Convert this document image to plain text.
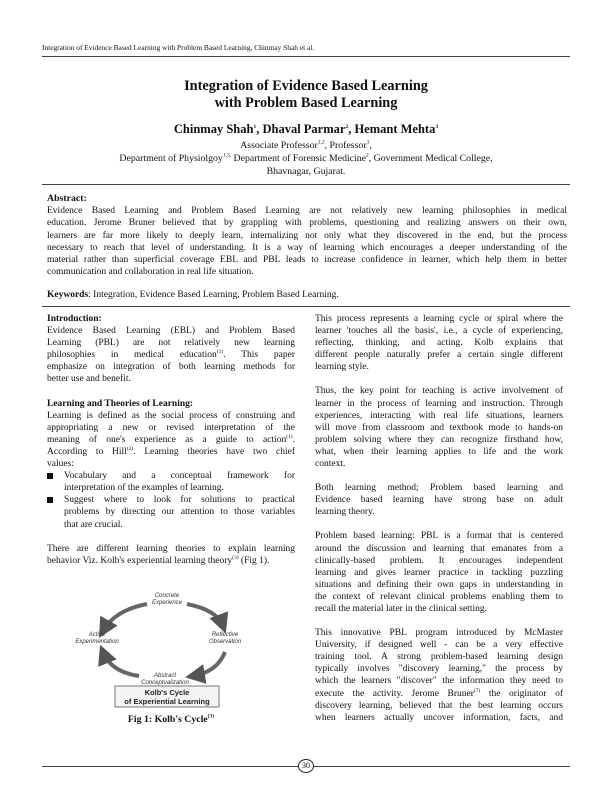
Integration of Evidence Based Learning with Problem Based Learning, Chinmay Shah et al.
Integration of Evidence Based Learning
with Problem Based Learning
Chinmay Shah$^1$, Dhaval Parmar$^2$, Hemant Mehta$^3$
Associate Professor$^{1,2}$, Professor$^3$,
Department of Physiolgoy$^{1,3,}$ Department of Forensic Medicine$^2$, Government Medical College,
Bhavnagar, Gujarat.
Abstract:
Evidence Based Learning and Problem Based Learning are not relatively new learning philosophies in medical
education. Jerome Bruner believed that by grappling with problems, questioning and realizing answers on their own,
learners are far more likely to deeply learn, internalizing not only what they discovered in the end, but the process
necessary to reach that level of understanding. It is a way of learning which encourages a deeper understanding of the
material rather than superficial coverage EBL and PBL leads to increase confidence in learner, which help them in better
communication and collaboration in real life situation.
Keywords: Integration, Evidence Based Learning, Problem Based Learning.
Introduction:
Evidence Based Learning (EBL) and Problem Based
Learning (PBL) are not relatively new learning
philosophies in medical education$^{(1)}$. This paper
emphasize on integration of both learning methods for
better use and benefit.
Learning and Theories of Learning:
Learning is defined as the social process of construing and
appropriating a new or revised interpretation of the
meaning of one's experience as a guide to action$^{(1)}$.
According to Hill$^{(2)}$. Learning theories have two chief
values:
Vocabulary and a conceptual framework for
interpretation of the examples of learning.
Suggest where to look for solutions to practical
problems by directing our attention to those variables
that are crucial.
There are different learning theories to explain learning
behavior Viz. Kolb's experiential learning theory$^{(3)}$ (Fig 1).
Concrete
Experience
Reflective
Observation
Abstract
Conceptualization
Active
Experimentation
Kolb's Cycle
of Experiential Learning
Fig 1: Kolb's Cycle$^{(3)}$
This process represents a learning cycle or spiral where the
learner 'touches all the basis', i.e., a cycle of experiencing,
reflecting, thinking, and acting. Kolb explains that
different people naturally prefer a certain single different
learning style.
Thus, the key point for teaching is active involvement of
learner in the process of learning and instruction. Through
experiences, interacting with real life situations, learners
will move from classroom and textbook mode to hands-on
problem solving where they can recognize firsthand how,
what, when their learning applies to life and the work
context.
Both learning method; Problem based learning and
Evidence based learning have strong base on adult
learning theory.
Problem based learning: PBL is a format that is centered
around the discussion and learning that emanates from a
clinically-based problem. It encourages independent
learning and gives learner practice in tackling puzzling
situations and defining their own gaps in understanding in
the context of relevant clinical problems enabling them to
recall the material later in the clinical setting.
This innovative PBL program introduced by McMaster
University, if designed well - can be a very effective
training tool. A strong problem-based learning design
typically involves "discovery learning," the process by
which the learners "discover" the information they need to
execute the activity. Jerome Bruner$^{(7)}$ the originator of
discovery learning, believed that the best learning occurs
when learners actually uncover information, facts, and
30
